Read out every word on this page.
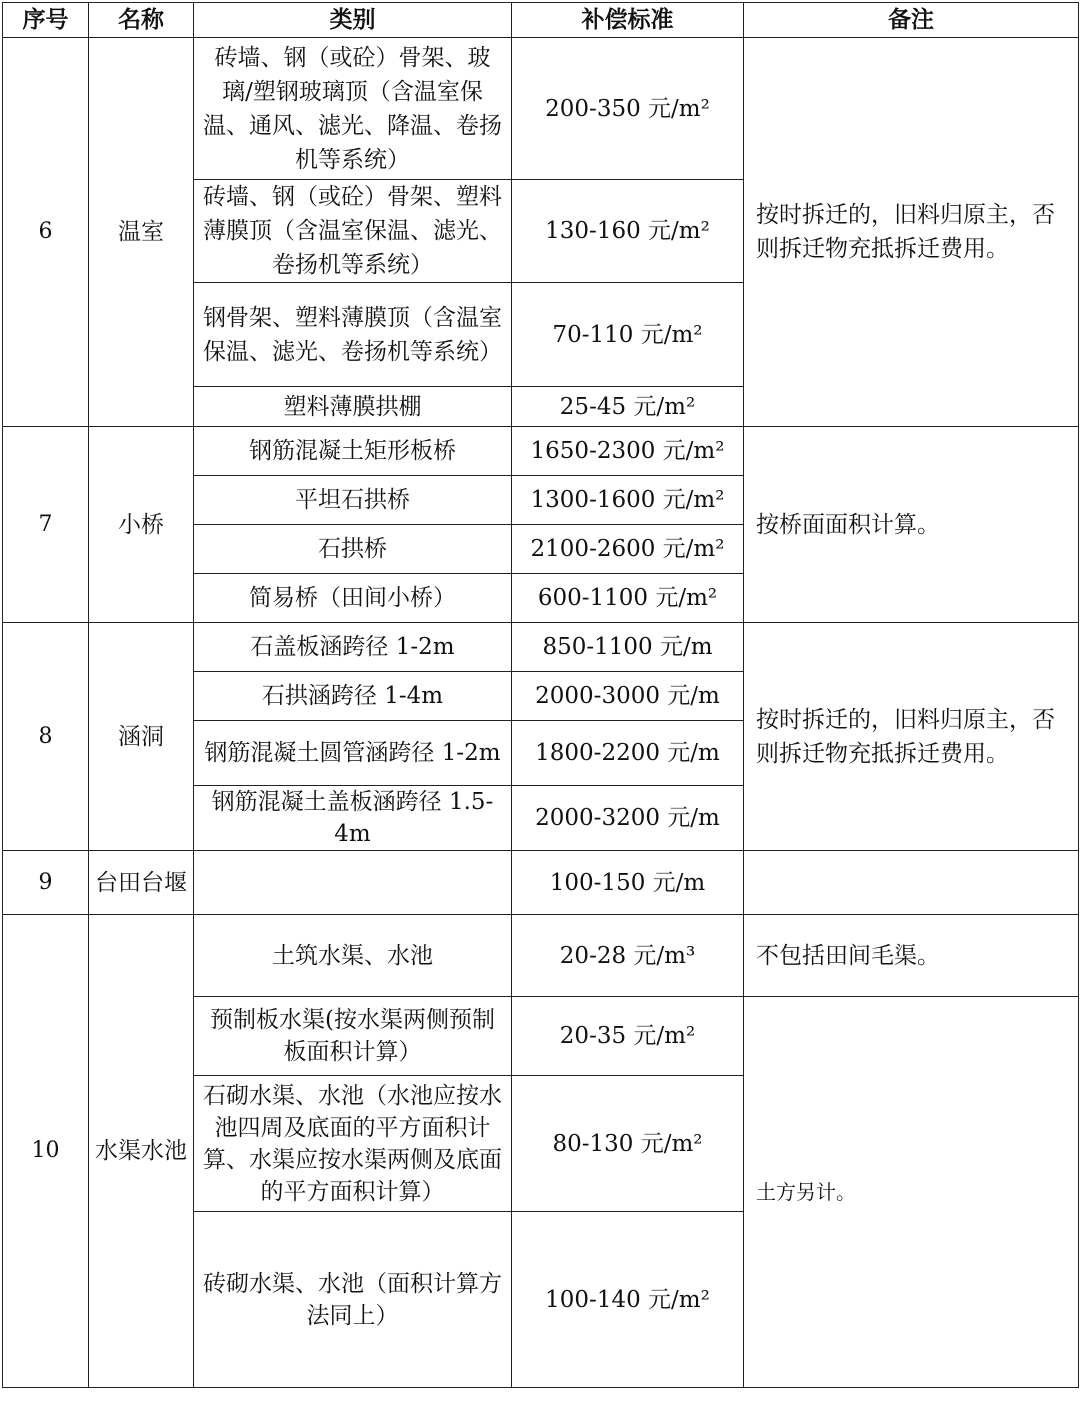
序号	名称	类别	补偿标准	备注
6	温室	砖墙、钢（或砼）骨架、玻璃/塑钢玻璃顶（含温室保温、通风、滤光、降温、卷扬机等系统）	200-350 元/m²	按时拆迁的，旧料归原主，否则拆迁物充抵拆迁费用。
		砖墙、钢（或砼）骨架、塑料薄膜顶（含温室保温、滤光、卷扬机等系统）	130-160 元/m²	
		钢骨架、塑料薄膜顶（含温室保温、滤光、卷扬机等系统）	70-110 元/m²	
		塑料薄膜拱棚	25-45 元/m²	
7	小桥	钢筋混凝土矩形板桥	1650-2300 元/m²	按桥面面积计算。
		平坦石拱桥	1300-1600 元/m²	
		石拱桥	2100-2600 元/m²	
		简易桥（田间小桥）	600-1100 元/m²	
8	涵洞	石盖板涵跨径 1-2m	850-1100 元/m	按时拆迁的，旧料归原主，否则拆迁物充抵拆迁费用。
		石拱涵跨径 1-4m	2000-3000 元/m	
		钢筋混凝土圆管涵跨径 1-2m	1800-2200 元/m	
		钢筋混凝土盖板涵跨径 1.5-4m	2000-3200 元/m	
9	台田台堰		100-150 元/m	
10	水渠水池	土筑水渠、水池	20-28 元/m³	不包括田间毛渠。
		预制板水渠(按水渠两侧预制板面积计算）	20-35 元/m²	土方另计。
		石砌水渠、水池（水池应按水池四周及底面的平方面积计算、水渠应按水渠两侧及底面的平方面积计算）	80-130 元/m²	
		砖砌水渠、水池（面积计算方法同上）	100-140 元/m²	
